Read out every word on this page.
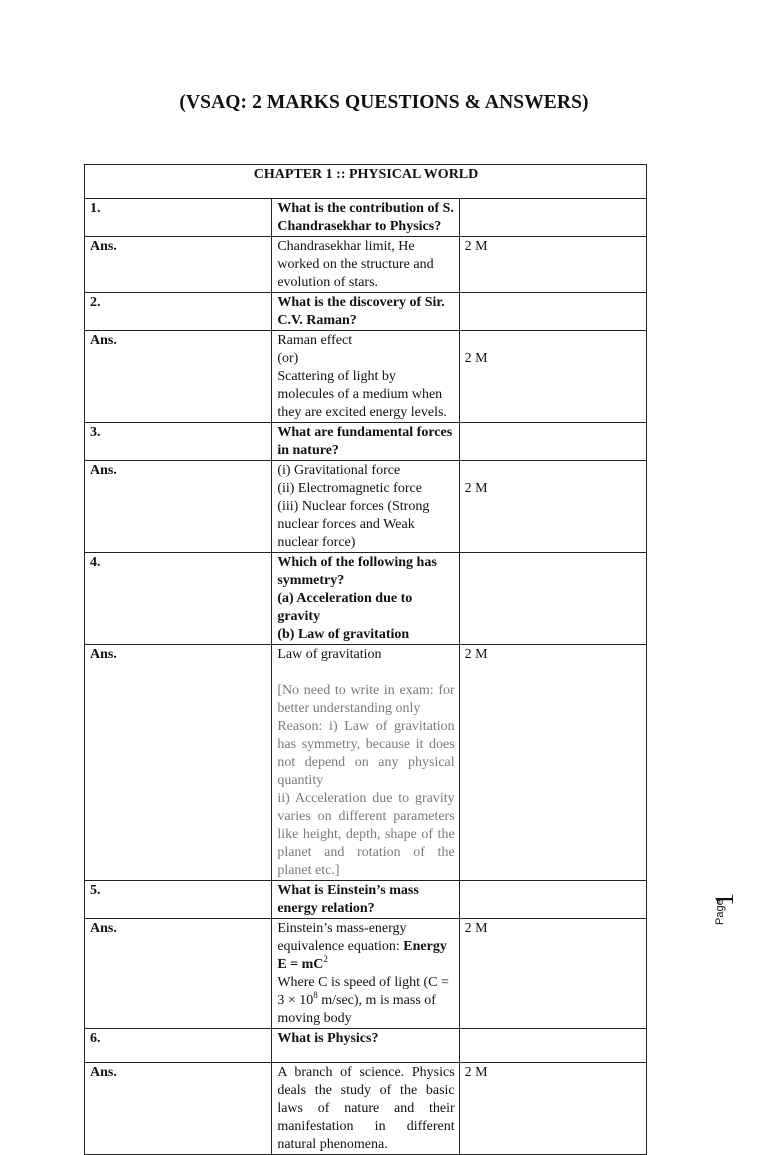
(VSAQ: 2 MARKS QUESTIONS & ANSWERS)
CHAPTER 1 :: PHYSICAL WORLD		
1.	What is the contribution of S. Chandrasekhar to Physics?	
Ans.	Chandrasekhar limit, He worked on the structure and evolution of stars.	2 M
2.	What is the discovery of Sir. C.V. Raman?	
Ans.	Raman effect
(or)
Scattering of light by molecules of a medium when they are excited energy levels.	2 M
3.	What are fundamental forces in nature?	
Ans.	(i) Gravitational force
(ii) Electromagnetic force
(iii) Nuclear forces (Strong nuclear forces and Weak nuclear force)	2 M
4.	Which of the following has symmetry?
(a) Acceleration due to gravity
(b) Law of gravitation	

Ans.	Law of gravitation
[No need to write in exam: for better understanding only
Reason: i) Law of gravitation has symmetry, because it does not depend on any physical quantity
ii) Acceleration due to gravity varies on different parameters like height, depth, shape of the planet and rotation of the planet etc.]	2 M
5.	What is Einstein’s mass energy relation?	
Ans.	Einstein’s mass-energy equivalence equation: Energy $E = mC^2$
Where C is speed of light ($C = 3 \times 10^8$ m/sec), m is mass of moving body	2 M
6.	What is Physics?	
Ans.	A branch of science. Physics deals the study of the basic laws of nature and their manifestation in different natural phenomena.	2 M
Page
1
